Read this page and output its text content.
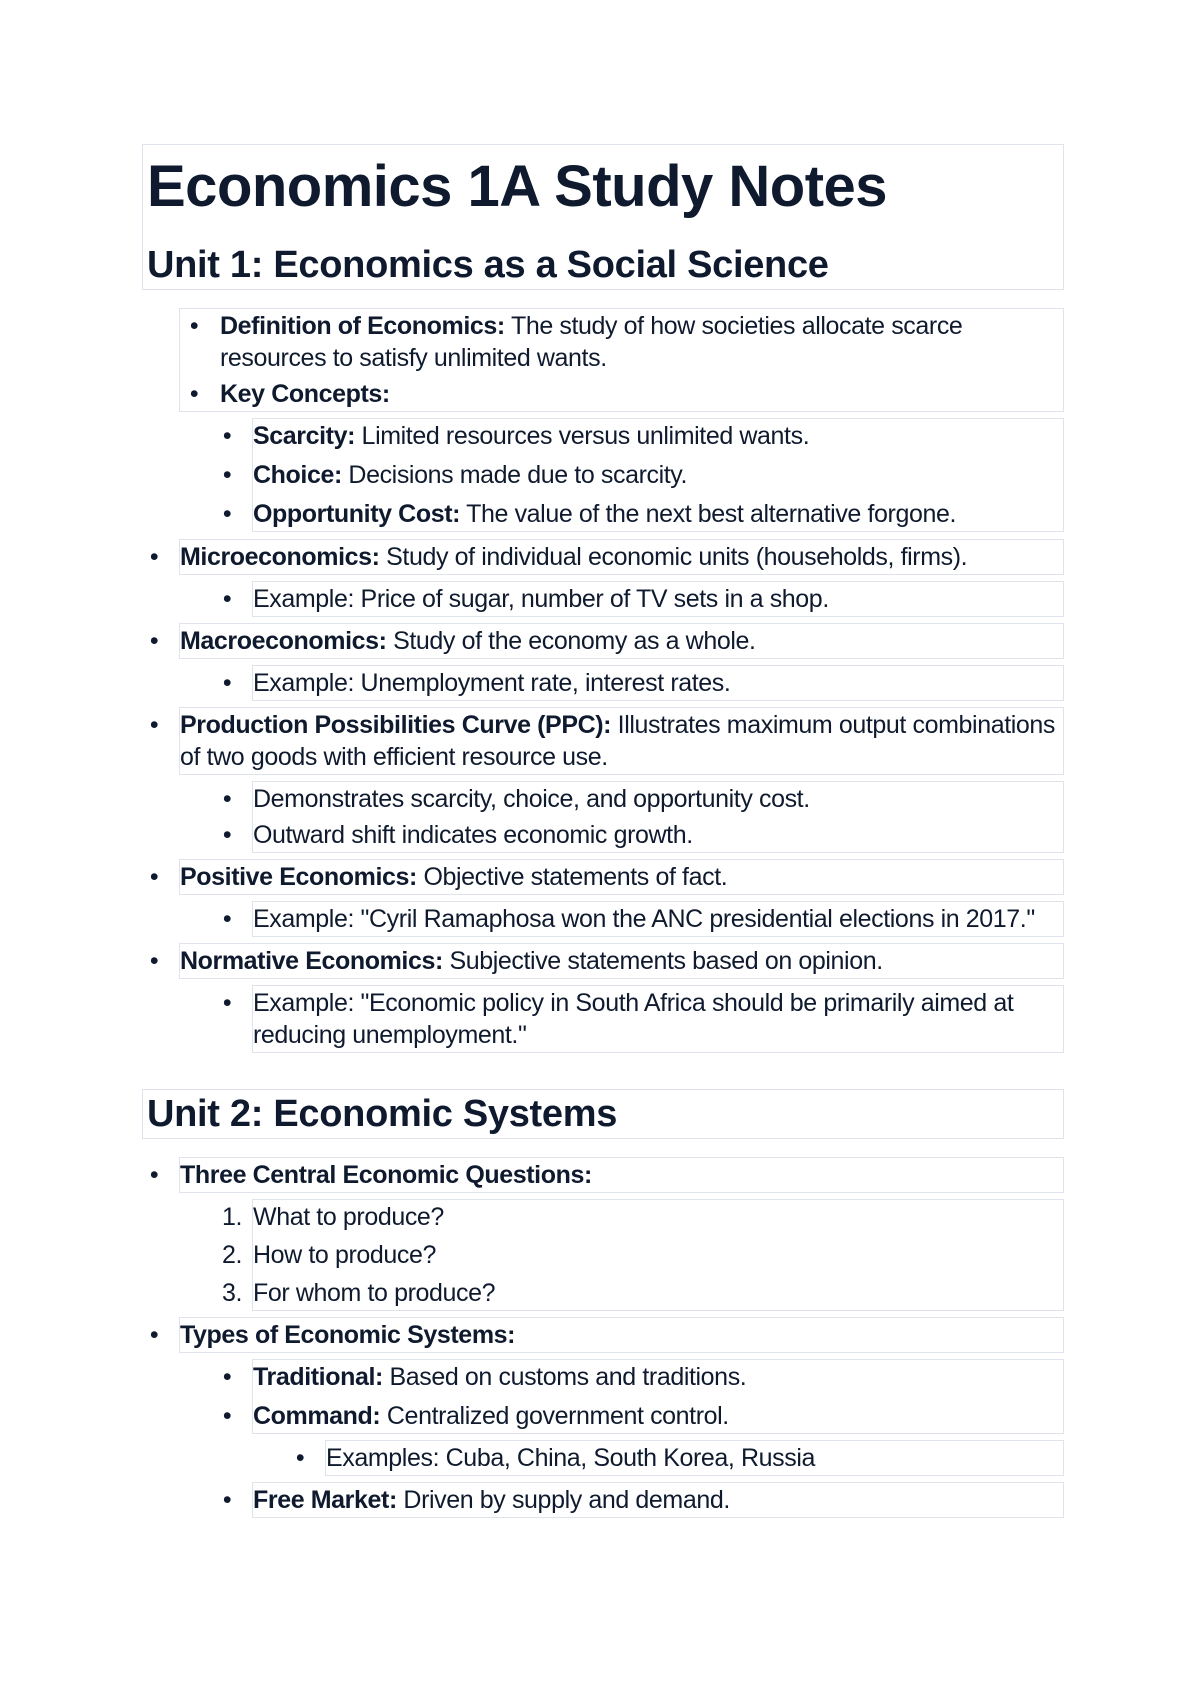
Economics 1A Study Notes
Unit 1: Economics as a Social Science
• Definition of Economics: The study of how societies allocate scarce resources to satisfy unlimited wants.
• Key Concepts:
• Scarcity: Limited resources versus unlimited wants.
• Choice: Decisions made due to scarcity.
• Opportunity Cost: The value of the next best alternative forgone.
• Microeconomics: Study of individual economic units (households, firms).
• Example: Price of sugar, number of TV sets in a shop.
• Macroeconomics: Study of the economy as a whole.
• Example: Unemployment rate, interest rates.
• Production Possibilities Curve (PPC): Illustrates maximum output combinations of two goods with efficient resource use.
• Demonstrates scarcity, choice, and opportunity cost.
• Outward shift indicates economic growth.
• Positive Economics: Objective statements of fact.
• Example: "Cyril Ramaphosa won the ANC presidential elections in 2017."
• Normative Economics: Subjective statements based on opinion.
• Example: "Economic policy in South Africa should be primarily aimed at reducing unemployment."
Unit 2: Economic Systems
• Three Central Economic Questions:
1. What to produce?
2. How to produce?
3. For whom to produce?
• Types of Economic Systems:
• Traditional: Based on customs and traditions.
• Command: Centralized government control.
• Examples: Cuba, China, South Korea, Russia
• Free Market: Driven by supply and demand.
